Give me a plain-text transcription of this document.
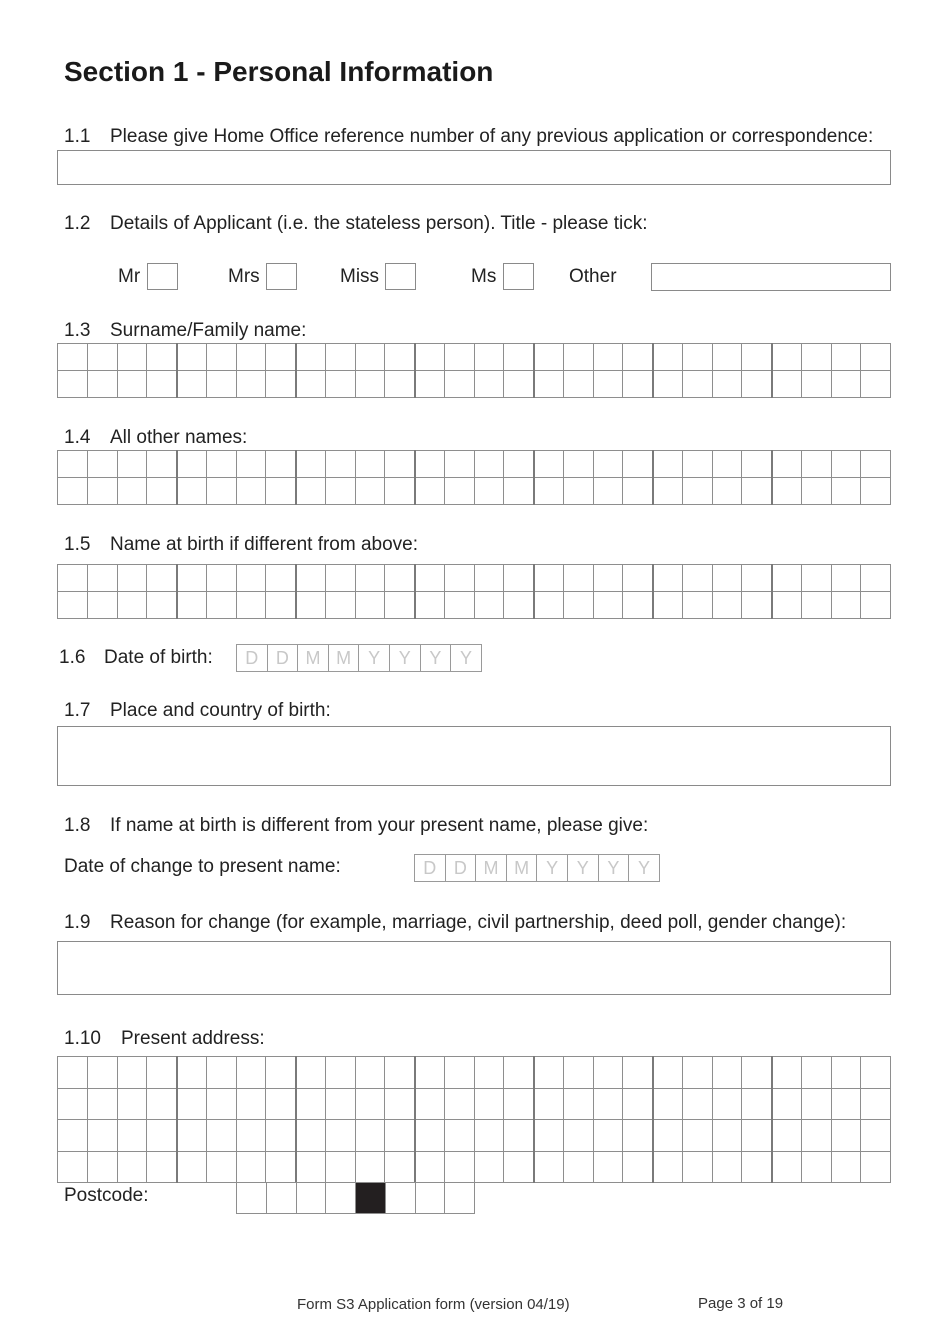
Section 1 - Personal Information
1.1 Please give Home Office reference number of any previous application or correspondence:
1.2 Details of Applicant (i.e. the stateless person). Title - please tick:
Mr	Mrs	Miss	Ms	Other
1.3 Surname/Family name:

1.4 All other names:

1.5 Name at birth if different from above:

1.6 Date of birth: D	D	M	M	Y	Y	Y	Y
1.7 Place and country of birth:
1.8 If name at birth is different from your present name, please give:
Date of change to present name:	D	D	M	M	Y	Y	Y	Y
1.9 Reason for change (for example, marriage, civil partnership, deed poll, gender change):
1.10 Present address:

Postcode:

Form S3 Application form (version 04/19)	Page 3 of 19
